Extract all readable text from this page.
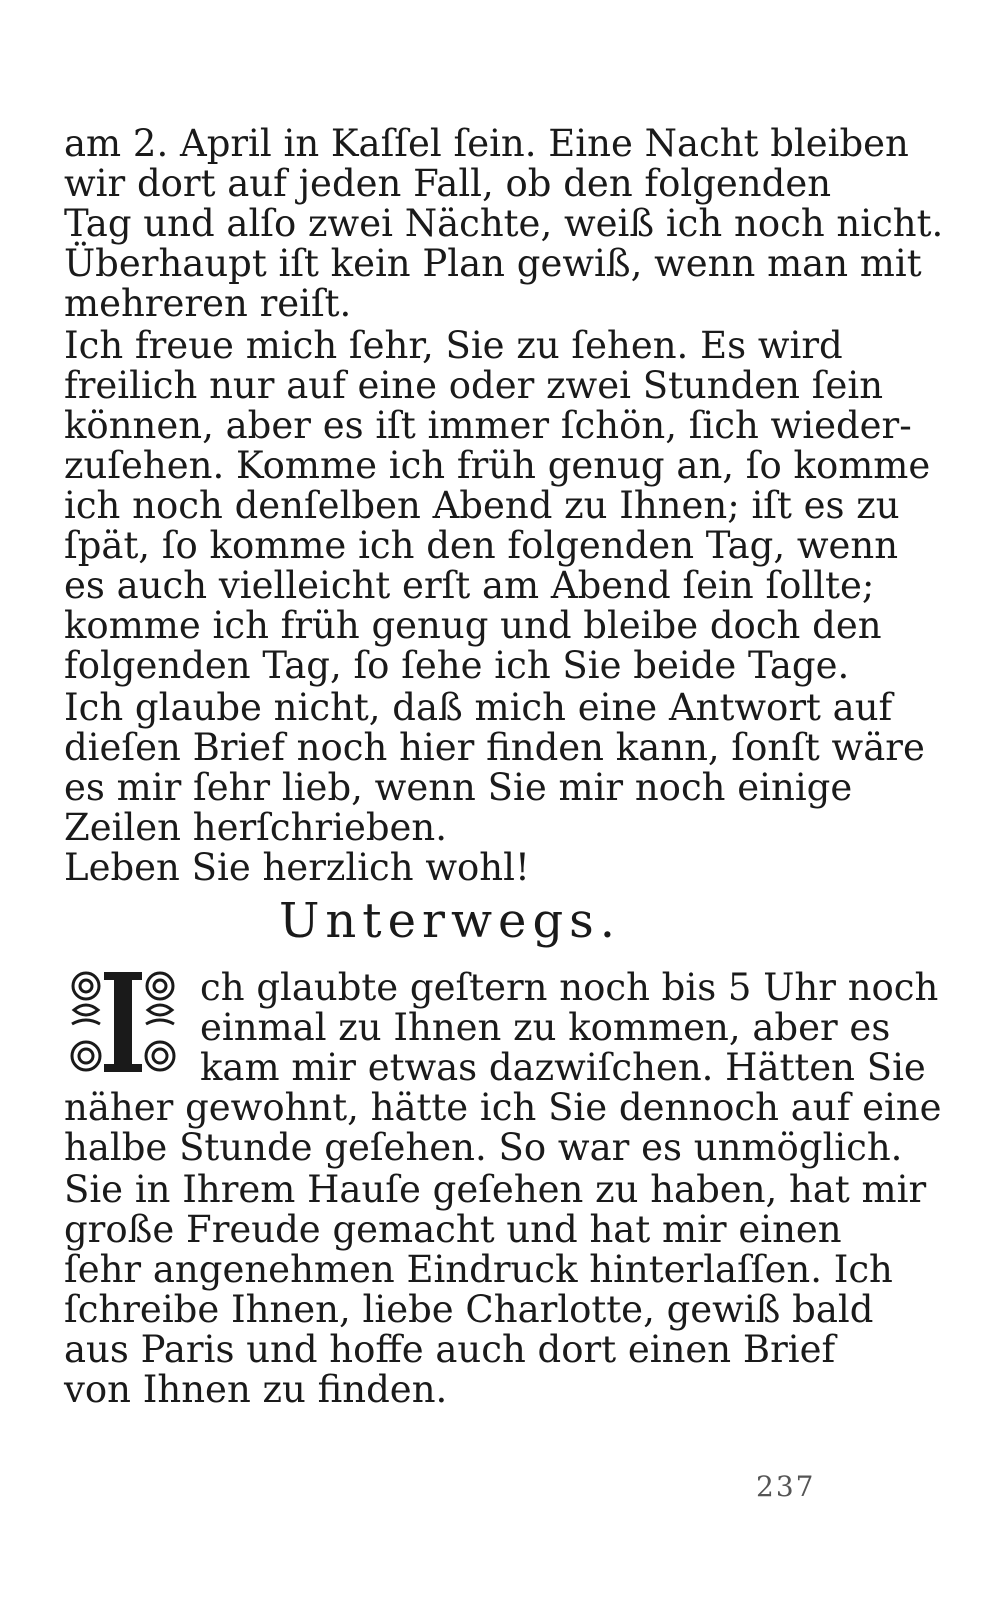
am 2. April in Kaſſel ſein. Eine Nacht bleiben
wir dort auf jeden Fall, ob den folgenden
Tag und alſo zwei Nächte, weiß ich noch nicht.
Überhaupt iſt kein Plan gewiß, wenn man mit
mehreren reiſt.
Ich freue mich ſehr, Sie zu ſehen. Es wird
freilich nur auf eine oder zwei Stunden ſein
können, aber es iſt immer ſchön, ſich wieder-
zuſehen. Komme ich früh genug an, ſo komme
ich noch denſelben Abend zu Ihnen; iſt es zu
ſpät, ſo komme ich den folgenden Tag, wenn
es auch vielleicht erſt am Abend ſein ſollte;
komme ich früh genug und bleibe doch den
folgenden Tag, ſo ſehe ich Sie beide Tage.
Ich glaube nicht, daß mich eine Antwort auf
dieſen Brief noch hier finden kann, ſonſt wäre
es mir ſehr lieb, wenn Sie mir noch einige
Zeilen herſchrieben.
Leben Sie herzlich wohl!
Unterwegs.
ch glaubte geſtern noch bis 5 Uhr noch
einmal zu Ihnen zu kommen, aber es
kam mir etwas dazwiſchen. Hätten Sie
näher gewohnt, hätte ich Sie dennoch auf eine
halbe Stunde geſehen. So war es unmöglich.
Sie in Ihrem Hauſe geſehen zu haben, hat mir
große Freude gemacht und hat mir einen
ſehr angenehmen Eindruck hinterlaſſen. Ich
ſchreibe Ihnen, liebe Charlotte, gewiß bald
aus Paris und hoffe auch dort einen Brief
von Ihnen zu finden.
237
